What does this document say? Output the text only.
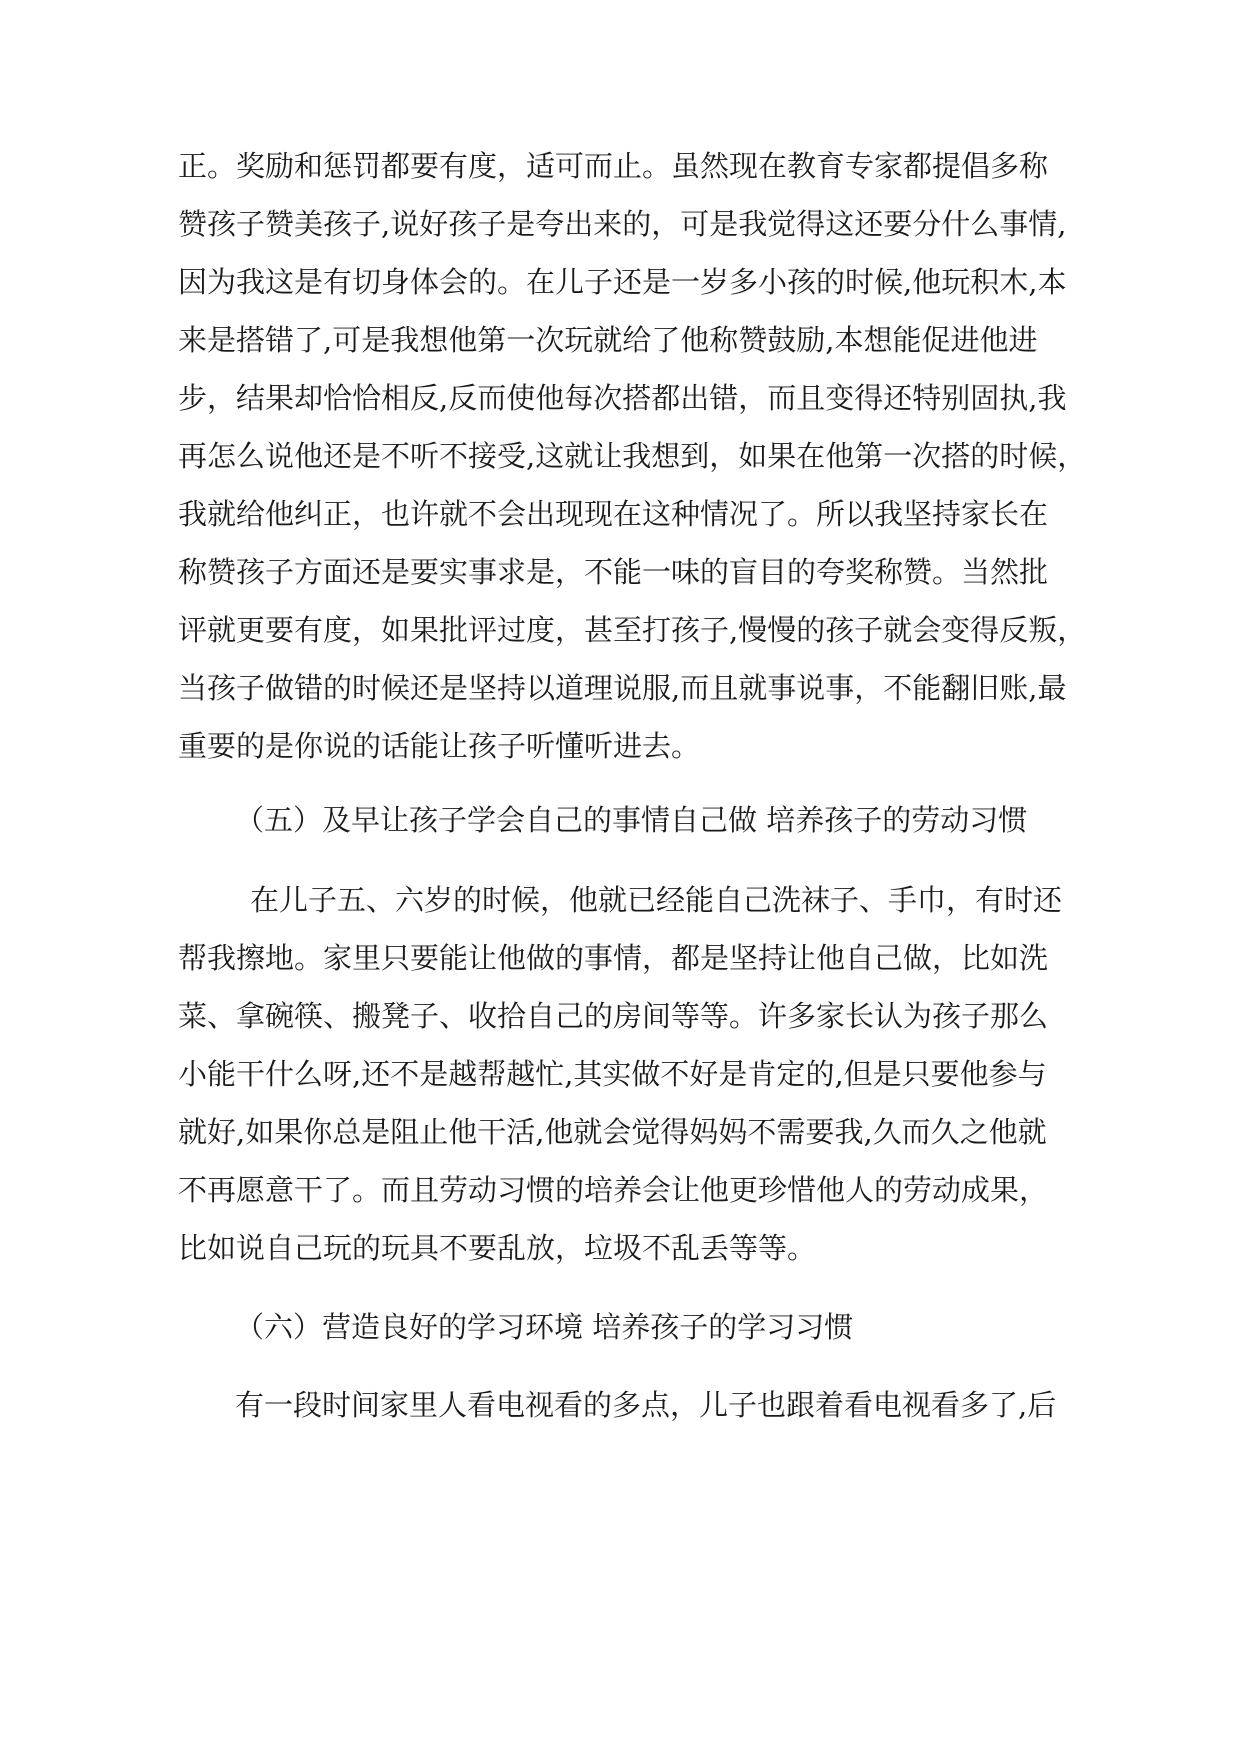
正。奖励和惩罚都要有度，适可而止。虽然现在教育专家都提倡多称
赞孩子赞美孩子,说好孩子是夸出来的，可是我觉得这还要分什么事情,
因为我这是有切身体会的。在儿子还是一岁多小孩的时候,他玩积木,本
来是搭错了,可是我想他第一次玩就给了他称赞鼓励,本想能促进他进
步，结果却恰恰相反,反而使他每次搭都出错，而且变得还特别固执,我
再怎么说他还是不听不接受,这就让我想到，如果在他第一次搭的时候，
我就给他纠正，也许就不会出现现在这种情况了。所以我坚持家长在
称赞孩子方面还是要实事求是，不能一味的盲目的夸奖称赞。当然批
评就更要有度，如果批评过度，甚至打孩子,慢慢的孩子就会变得反叛，
当孩子做错的时候还是坚持以道理说服,而且就事说事，不能翻旧账,最
重要的是你说的话能让孩子听懂听进去。
（五）及早让孩子学会自己的事情自己做 培养孩子的劳动习惯
在儿子五、六岁的时候，他就已经能自己洗袜子、手巾，有时还
帮我擦地。家里只要能让他做的事情，都是坚持让他自己做，比如洗
菜、拿碗筷、搬凳子、收拾自己的房间等等。许多家长认为孩子那么
小能干什么呀,还不是越帮越忙,其实做不好是肯定的,但是只要他参与
就好,如果你总是阻止他干活,他就会觉得妈妈不需要我,久而久之他就
不再愿意干了。而且劳动习惯的培养会让他更珍惜他人的劳动成果，
比如说自己玩的玩具不要乱放，垃圾不乱丢等等。
（六）营造良好的学习环境 培养孩子的学习习惯
有一段时间家里人看电视看的多点，儿子也跟着看电视看多了,后
